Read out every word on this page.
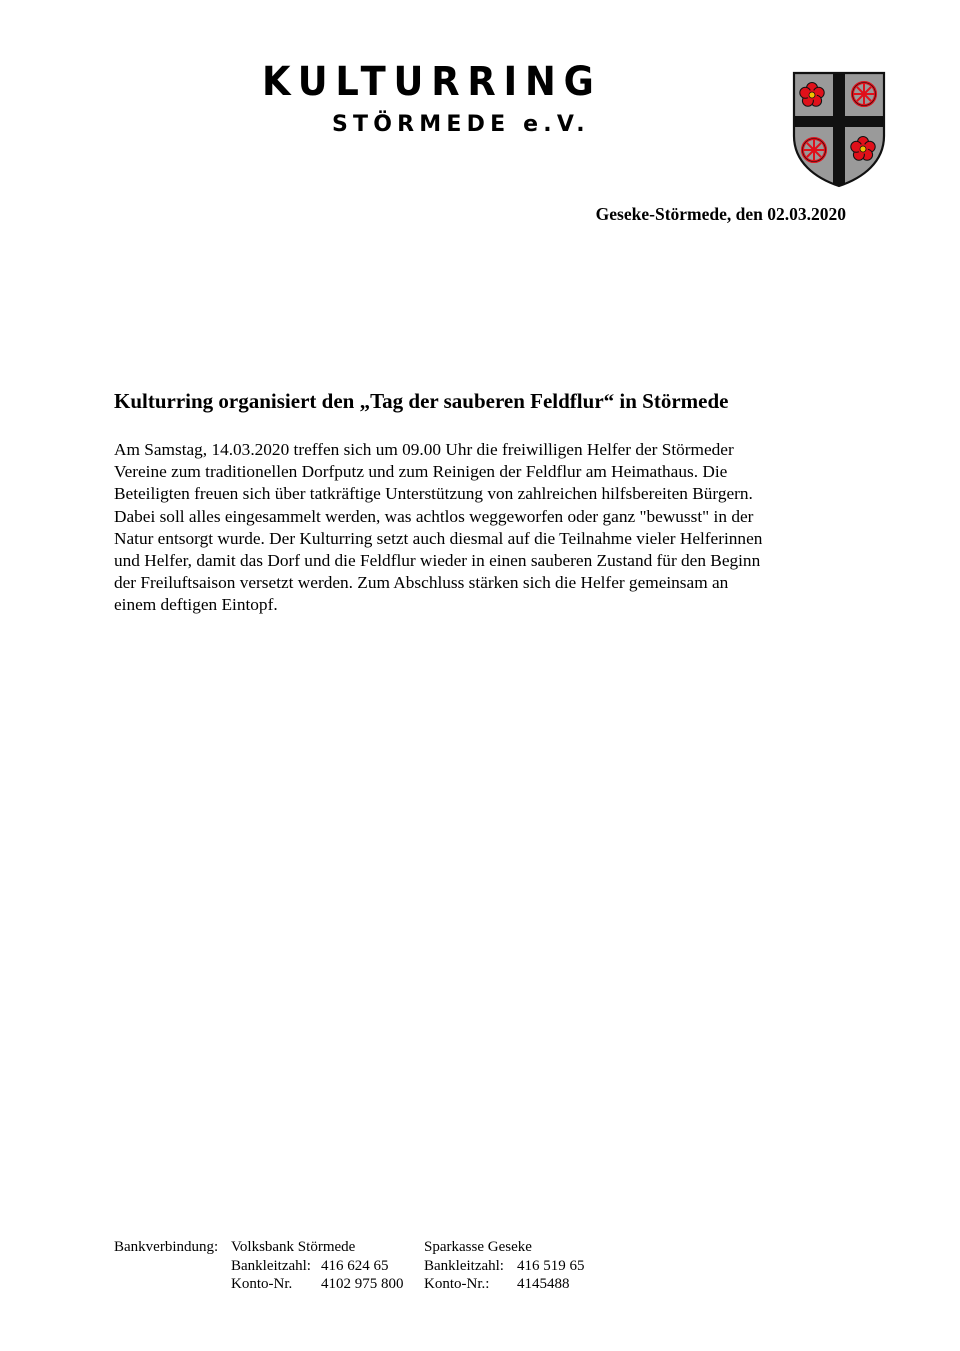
KULTURRING
STÖRMEDE e.V.
Geseke-Störmede, den 02.03.2020
Kulturring organisiert den „Tag der sauberen Feldflur“ in Störmede
Am Samstag, 14.03.2020 treffen sich um 09.00 Uhr die freiwilligen Helfer der Störmeder
Vereine zum traditionellen Dorfputz und zum Reinigen der Feldflur am Heimathaus. Die
Beteiligten freuen sich über tatkräftige Unterstützung von zahlreichen hilfsbereiten Bürgern.
Dabei soll alles eingesammelt werden, was achtlos weggeworfen oder ganz "bewusst" in der
Natur entsorgt wurde. Der Kulturring setzt auch diesmal auf die Teilnahme vieler Helferinnen
und Helfer, damit das Dorf und die Feldflur wieder in einen sauberen Zustand für den Beginn
der Freiluftsaison versetzt werden. Zum Abschluss stärken sich die Helfer gemeinsam an
einem deftigen Eintopf.
Bankverbindung: Volksbank Störmede	Sparkasse Geseke
Bankleitzahl: 416 624 65 Bankleitzahl: 416 519 65
Konto-Nr. 4102 975 800 Konto-Nr.: 4145488
